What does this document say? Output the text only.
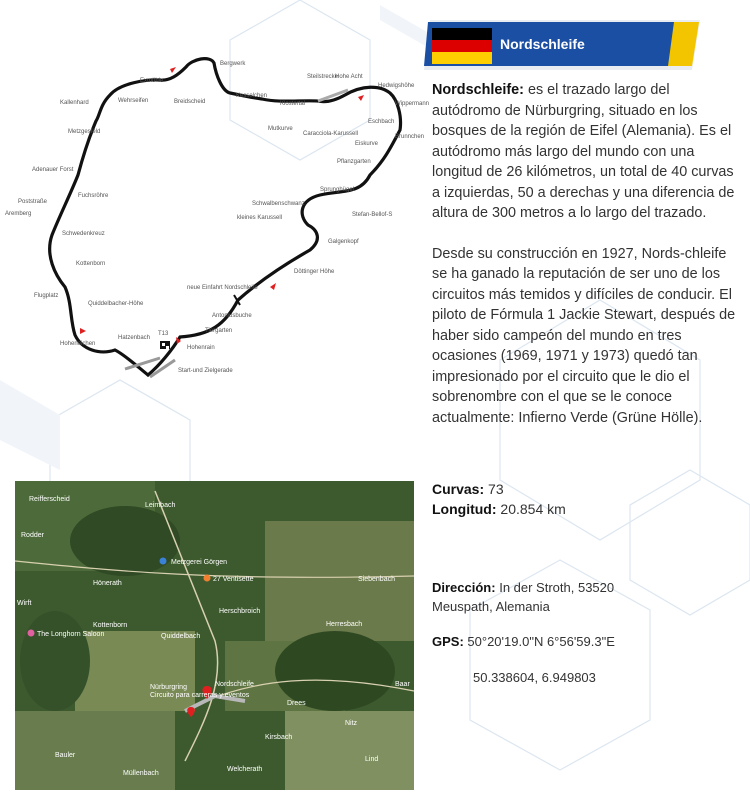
Nordschleife
Bergwerk
Eiskurve
Steilstrecke
Hohe Acht
Hedwigshöhe
Wippermann
Brunnchen
Kesselchen
Klostertal
Mutkurve
Caracciola-Karussell
Eschbach
Pflanzgarten
Sprunghügel
Schwalbenschwanz
kleines Karussell	Stefan-Bellof-S
Galgenkopf
Döttinger Höhe
neue Einfahrt Nordschleife
Antoniusbuche
Tiergarten
Hohenrain
Start-und Zielgerade
T13
Hatzenbach
Hoheneichen
Flugplatz
Quiddelbacher-Höhe
Kottenborn
Schwedenkreuz
Aremberg
Poststraße
Fuchsröhre
Adenauer Forst
Metzgesfeld
Kallenhard	Wehrseifen
Exmühle
Breidscheid

Nordschleife: es el trazado largo del autódromo de Nürburgring, situado en los bosques de la región de Eifel (Alemania). Es el autódromo más largo del mundo con una longitud de 26 kilómetros, un total de 40 curvas a izquierdas, 50 a derechas y una diferencia de altura de 300 metros a lo largo del trazado.

Desde su construcción en 1927, Nords-chleife se ha ganado la reputación de ser uno de los circuitos más temidos y difíciles de conducir. El piloto de Fórmula 1 Jackie Stewart, después de haber sido campeón del mundo en tres ocasiones (1969, 1971 y 1973) quedó tan impresionado por el circuito que le dio el sobrenombre con el que se le conoce actualmente: Infierno Verde (Grüne Hölle).

Curvas: 73
Longitud: 20.854 km
Dirección: In der Stroth, 53520
Meuspath, Alemania
GPS: 50°20'19.0"N 6°56'59.3"E
50.338604, 6.949803
Reifferscheid
Leimbach
Metzgerei Görgen
27 Ventisette
Hönerath
Siebenbach
The Longhorn Saloon
Herschbroich
Kottenborn
Quiddelbach
Herresbach
Nordschleife
Nürburgring
Circuito para carreras y eventos
Drees
Nitz
Kirsbach
Bauler
Müllenbach
Welcherath
Lind
Wirft
Rodder
Baar
